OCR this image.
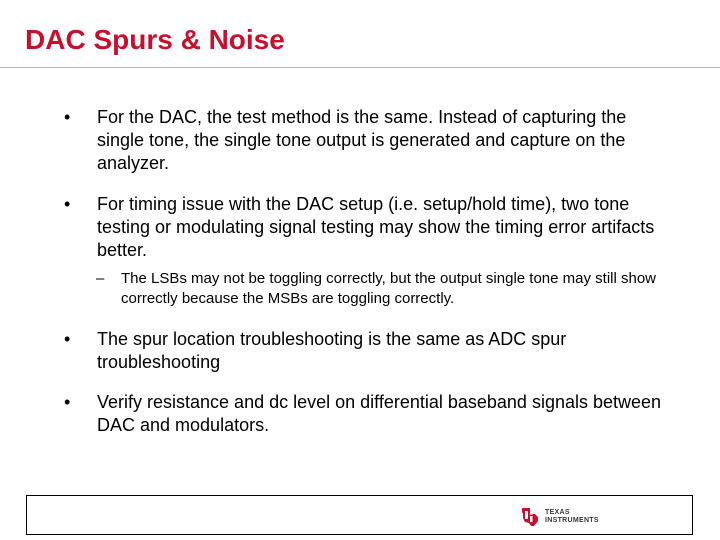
DAC Spurs & Noise
• For the DAC, the test method is the same. Instead of capturing the single tone, the single tone output is generated and capture on the analyzer.
• For timing issue with the DAC setup (i.e. setup/hold time), two tone testing or modulating signal testing may show the timing error artifacts better.
– The LSBs may not be toggling correctly, but the output single tone may still show correctly because the MSBs are toggling correctly.
• The spur location troubleshooting is the same as ADC spur troubleshooting
• Verify resistance and dc level on differential baseband signals between DAC and modulators.
TEXAS
INSTRUMENTS
